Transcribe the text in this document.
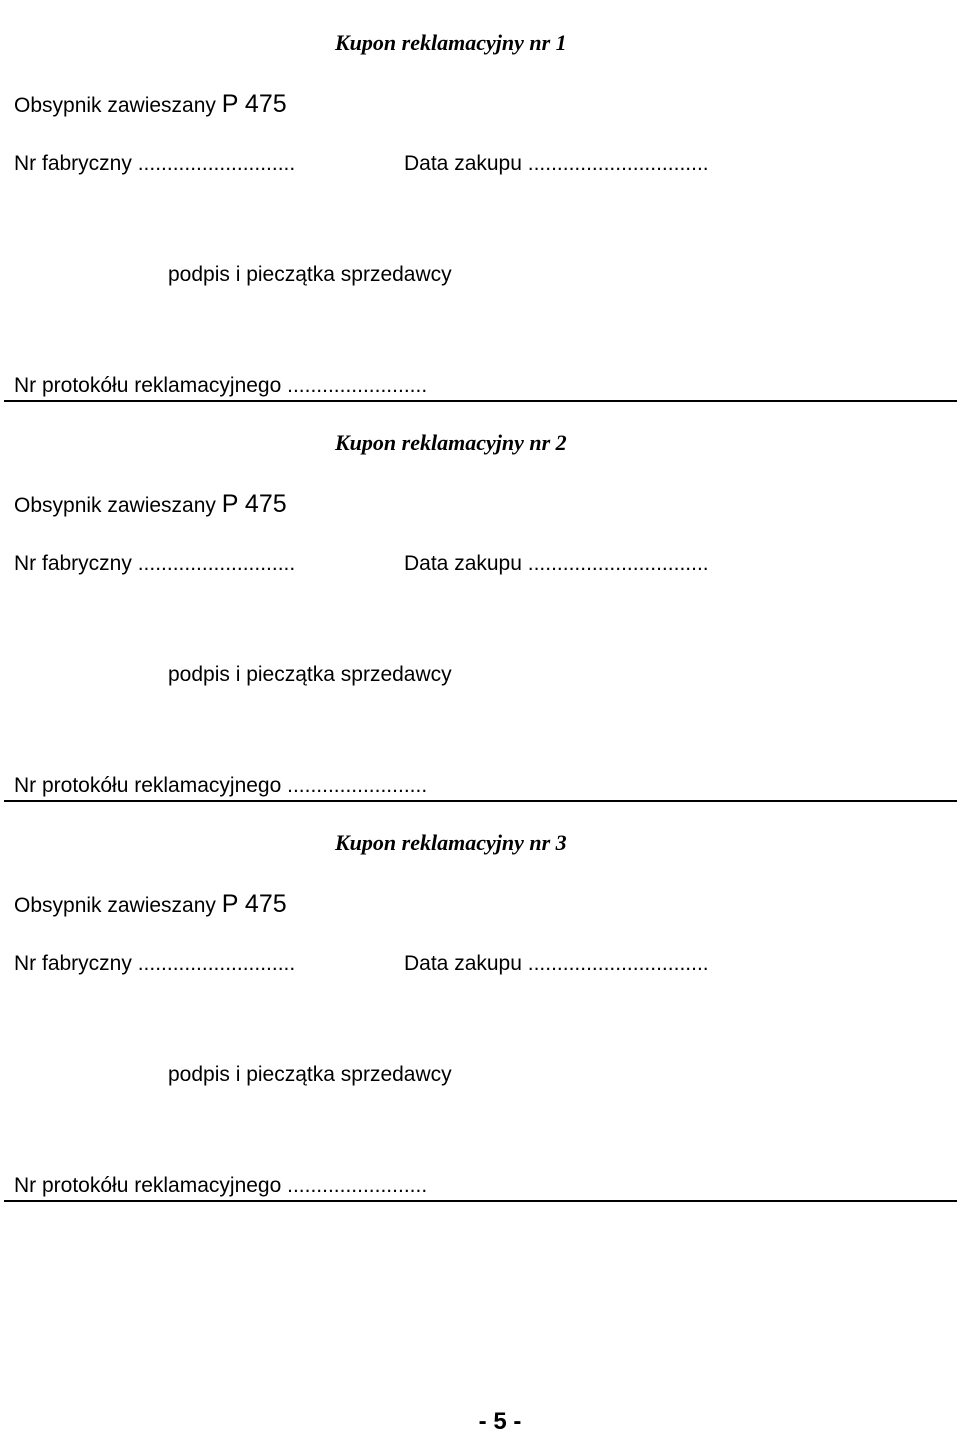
Kupon reklamacyjny nr 1
Obsypnik zawieszany P 475
Nr fabryczny ...........................	Data zakupu ...............................
podpis i pieczątka sprzedawcy
Nr protokółu reklamacyjnego ........................
Kupon reklamacyjny nr 2
Obsypnik zawieszany P 475
Nr fabryczny ...........................	Data zakupu ...............................
podpis i pieczątka sprzedawcy
Nr protokółu reklamacyjnego ........................
Kupon reklamacyjny nr 3
Obsypnik zawieszany P 475
Nr fabryczny ...........................	Data zakupu ...............................
podpis i pieczątka sprzedawcy
Nr protokółu reklamacyjnego ........................
- 5 -
